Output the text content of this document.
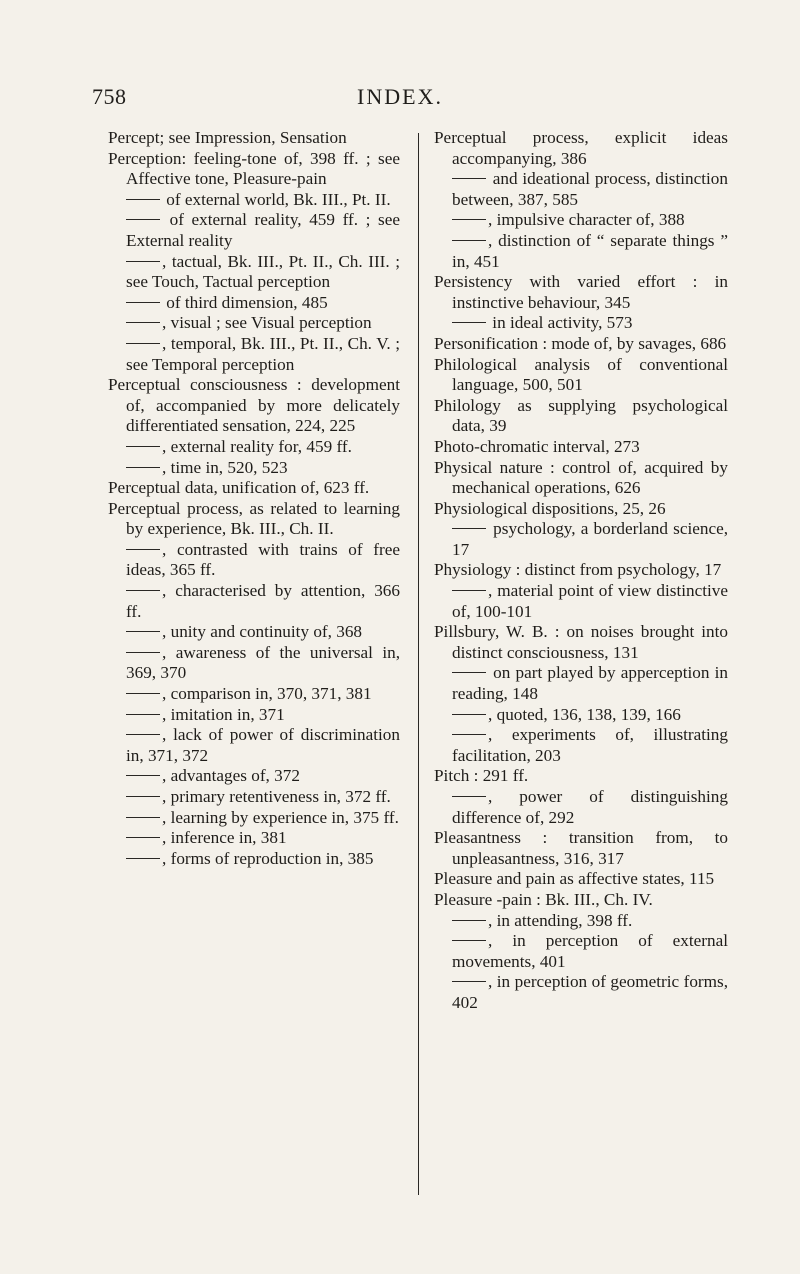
758	INDEX.

Percept; see Impression, Sensation

Perception: feeling-tone of, 398 ff. ; see Affective tone, Pleasure-pain

of external world, Bk. III., Pt. II.

of external reality, 459 ff. ; see External reality

, tactual, Bk. III., Pt. II., Ch. III. ; see Touch, Tactual perception

of third dimension, 485

, visual ; see Visual perception

, temporal, Bk. III., Pt. II., Ch. V. ; see Temporal perception

Perceptual consciousness : development of, accompanied by more delicately differentiated sensation, 224, 225

, external reality for, 459 ff.

, time in, 520, 523

Perceptual data, unification of, 623 ff.

Perceptual process, as related to learning by experience, Bk. III., Ch. II.

, contrasted with trains of free ideas, 365 ff.

, characterised by attention, 366 ff.

, unity and continuity of, 368

, awareness of the universal in, 369, 370

, comparison in, 370, 371, 381

, imitation in, 371

, lack of power of discrimination in, 371, 372

, advantages of, 372

, primary retentiveness in, 372 ff.

, learning by experience in, 375 ff.

, inference in, 381

, forms of reproduction in, 385

Perceptual process, explicit ideas accompanying, 386

and ideational process, distinction between, 387, 585

, impulsive character of, 388

, distinction of “ separate things ” in, 451

Persistency with varied effort : in instinctive behaviour, 345

in ideal activity, 573

Personification : mode of, by savages, 686

Philological analysis of conventional language, 500, 501

Philology as supplying psychological data, 39

Photo-chromatic interval, 273

Physical nature : control of, acquired by mechanical operations, 626

Physiological dispositions, 25, 26

psychology, a borderland science, 17

Physiology : distinct from psychology, 17

, material point of view distinctive of, 100-101

Pillsbury, W. B. : on noises brought into distinct consciousness, 131

on part played by apperception in reading, 148

, quoted, 136, 138, 139, 166

, experiments of, illustrating facilitation, 203

Pitch : 291 ff.

, power of distinguishing difference of, 292

Pleasantness : transition from, to unpleasantness, 316, 317

Pleasure and pain as affective states, 115

Pleasure -pain : Bk. III., Ch. IV.

, in attending, 398 ff.

, in perception of external movements, 401

, in perception of geometric forms, 402
